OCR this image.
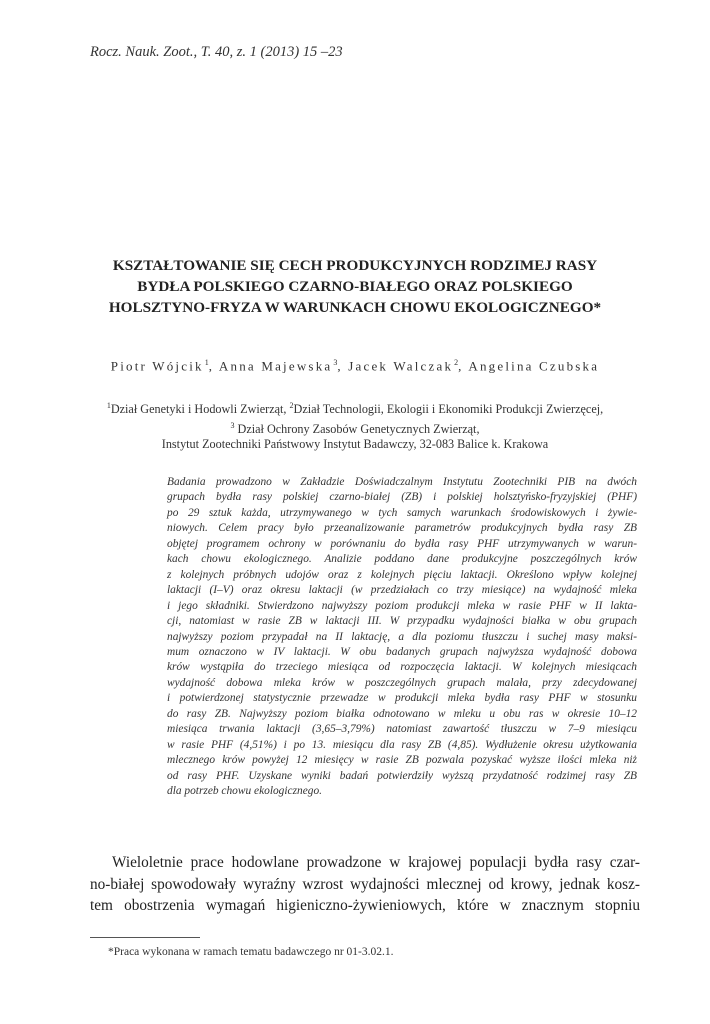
Rocz. Nauk. Zoot., T. 40, z. 1 (2013) 15 –23
KSZTAŁTOWANIE SIĘ CECH PRODUKCYJNYCH RODZIMEJ RASY
BYDŁA POLSKIEGO CZARNO-BIAŁEGO ORAZ POLSKIEGO
HOLSZTYNO-FRYZA W WARUNKACH CHOWU EKOLOGICZNEGO*
Piotr Wójcik$^1$, Anna Majewska$^3$, Jacek Walczak$^2$, Angelina Czubska
$^1$Dział Genetyki i Hodowli Zwierząt, $^2$Dział Technologii, Ekologii i Ekonomiki Produkcji Zwierzęcej,
$^3$ Dział Ochrony Zasobów Genetycznych Zwierząt,
Instytut Zootechniki Państwowy Instytut Badawczy, 32-083 Balice k. Krakowa
Badania prowadzono w Zakładzie Doświadczalnym Instytutu Zootechniki PIB na dwóch
grupach bydła rasy polskiej czarno-białej (ZB) i polskiej holsztyńsko-fryzyjskiej (PHF)
po 29 sztuk każda, utrzymywanego w tych samych warunkach środowiskowych i żywie-
niowych. Celem pracy było przeanalizowanie parametrów produkcyjnych bydła rasy ZB
objętej programem ochrony w porównaniu do bydła rasy PHF utrzymywanych w warun-
kach chowu ekologicznego. Analizie poddano dane produkcyjne poszczególnych krów
z kolejnych próbnych udojów oraz z kolejnych pięciu laktacji. Określono wpływ kolejnej
laktacji (I–V) oraz okresu laktacji (w przedziałach co trzy miesiące) na wydajność mleka
i jego składniki. Stwierdzono najwyższy poziom produkcji mleka w rasie PHF w II lakta-
cji, natomiast w rasie ZB w laktacji III. W przypadku wydajności białka w obu grupach
najwyższy poziom przypadał na II laktację, a dla poziomu tłuszczu i suchej masy maksi-
mum oznaczono w IV laktacji. W obu badanych grupach najwyższa wydajność dobowa
krów wystąpiła do trzeciego miesiąca od rozpoczęcia laktacji. W kolejnych miesiącach
wydajność dobowa mleka krów w poszczególnych grupach malała, przy zdecydowanej
i potwierdzonej statystycznie przewadze w produkcji mleka bydła rasy PHF w stosunku
do rasy ZB. Najwyższy poziom białka odnotowano w mleku u obu ras w okresie 10–12
miesiąca trwania laktacji (3,65–3,79%) natomiast zawartość tłuszczu w 7–9 miesiącu
w rasie PHF (4,51%) i po 13. miesiącu dla rasy ZB (4,85). Wydłużenie okresu użytkowania
mlecznego krów powyżej 12 miesięcy w rasie ZB pozwala pozyskać wyższe ilości mleka niż
od rasy PHF. Uzyskane wyniki badań potwierdziły wyższą przydatność rodzimej rasy ZB
dla potrzeb chowu ekologicznego.
Wieloletnie prace hodowlane prowadzone w krajowej populacji bydła rasy czar-
no-białej spowodowały wyraźny wzrost wydajności mlecznej od krowy, jednak kosz-
tem obostrzenia wymagań higieniczno-żywieniowych, które w znacznym stopniu
*Praca wykonana w ramach tematu badawczego nr 01-3.02.1.
